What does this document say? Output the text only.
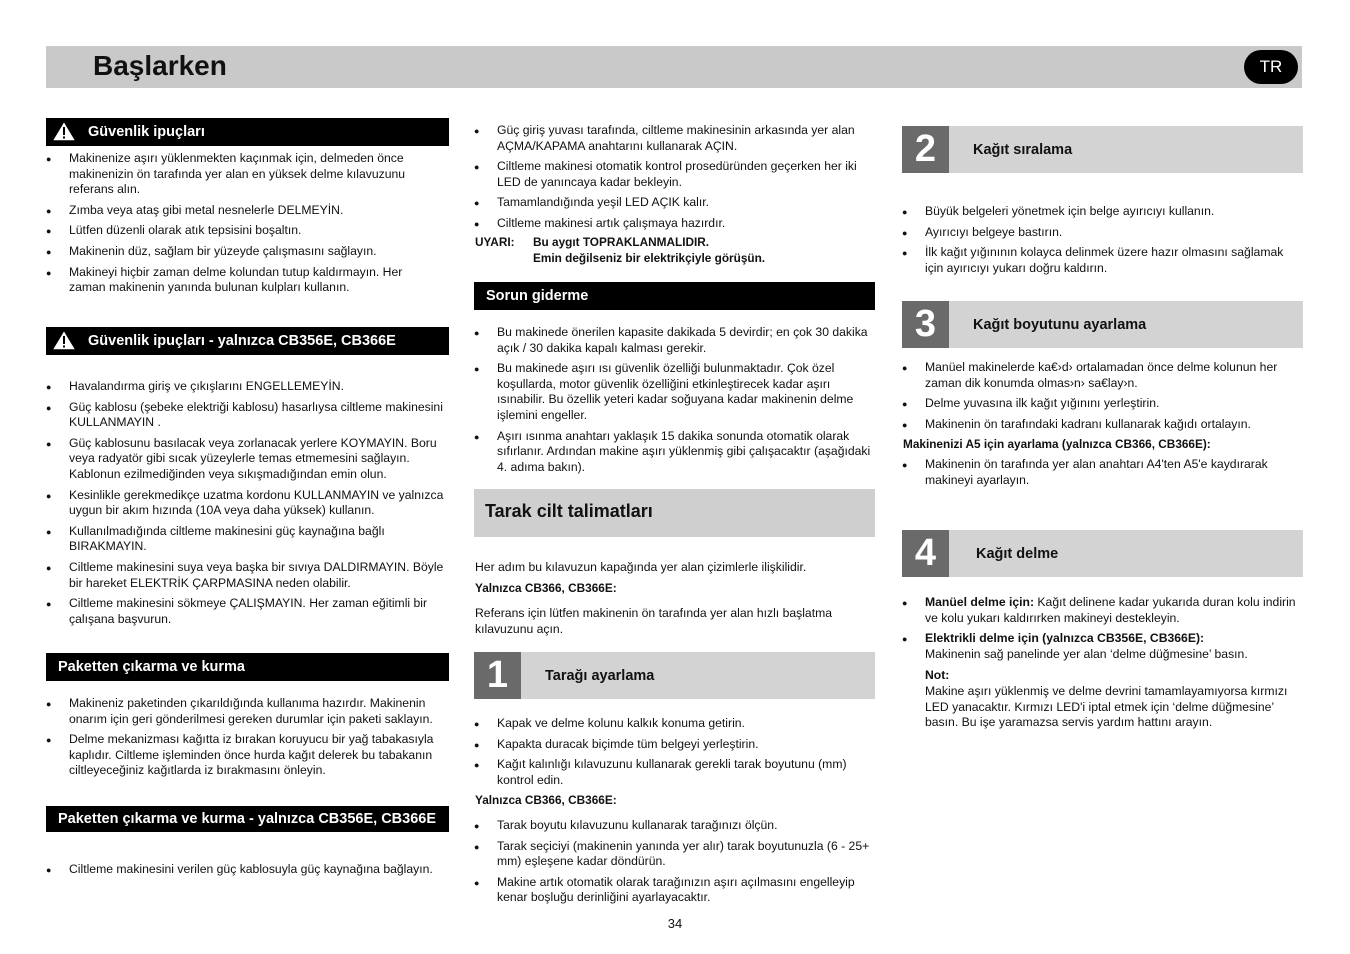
Başlarken	TR
Güvenlik ipuçları
● Makinenize aşırı yüklenmekten kaçınmak için, delmeden önce makinenizin ön tarafında yer alan en yüksek delme kılavuzunu referans alın.
● Zımba veya ataş gibi metal nesnelerle DELMEYİN.
● Lütfen düzenli olarak atık tepsisini boşaltın.
● Makinenin düz, sağlam bir yüzeyde çalışmasını sağlayın.
● Makineyi hiçbir zaman delme kolundan tutup kaldırmayın. Her zaman makinenin yanında bulunan kulpları kullanın.
Güvenlik ipuçları - yalnızca CB356E, CB366E
● Havalandırma giriş ve çıkışlarını ENGELLEMEYİN.
● Güç kablosu (şebeke elektriği kablosu) hasarlıysa ciltleme makinesini KULLANMAYIN .
● Güç kablosunu basılacak veya zorlanacak yerlere KOYMAYIN. Boru veya radyatör gibi sıcak yüzeylerle temas etmemesini sağlayın. Kablonun ezilmediğinden veya sıkışmadığından emin olun.
● Kesinlikle gerekmedikçe uzatma kordonu KULLANMAYIN ve yalnızca uygun bir akım hızında (10A veya daha yüksek) kullanın.
● Kullanılmadığında ciltleme makinesini güç kaynağına bağlı BIRAKMAYIN.
● Ciltleme makinesini suya veya başka bir sıvıya DALDIRMAYIN. Böyle bir hareket ELEKTRİK ÇARPMASINA neden olabilir.
● Ciltleme makinesini sökmeye ÇALIŞMAYIN. Her zaman eğitimli bir çalışana başvurun.
Paketten çıkarma ve kurma
● Makineniz paketinden çıkarıldığında kullanıma hazırdır. Makinenin onarım için geri gönderilmesi gereken durumlar için paketi saklayın.
● Delme mekanizması kağıtta iz bırakan koruyucu bir yağ tabakasıyla kaplıdır. Ciltleme işleminden önce hurda kağıt delerek bu tabakanın ciltleyeceğiniz kağıtlarda iz bırakmasını önleyin.
Paketten çıkarma ve kurma - yalnızca CB356E, CB366E
● Ciltleme makinesini verilen güç kablosuyla güç kaynağına bağlayın.
● Güç giriş yuvası tarafında, ciltleme makinesinin arkasında yer alan AÇMA/KAPAMA anahtarını kullanarak AÇIN.
● Ciltleme makinesi otomatik kontrol prosedüründen geçerken her iki LED de yanıncaya kadar bekleyin.
● Tamamlandığında yeşil LED AÇIK kalır.
● Ciltleme makinesi artık çalışmaya hazırdır.
UYARI: Bu aygıt TOPRAKLANMALIDIR.
Emin değilseniz bir elektrikçiyle görüşün.
Sorun giderme
● Bu makinede önerilen kapasite dakikada 5 devirdir; en çok 30 dakika açık / 30 dakika kapalı kalması gerekir.
● Bu makinede aşırı ısı güvenlik özelliği bulunmaktadır. Çok özel koşullarda, motor güvenlik özelliğini etkinleştirecek kadar aşırı ısınabilir. Bu özellik yeteri kadar soğuyana kadar makinenin delme işlemini engeller.
● Aşırı ısınma anahtarı yaklaşık 15 dakika sonunda otomatik olarak sıfırlanır. Ardından makine aşırı yüklenmiş gibi çalışacaktır (aşağıdaki 4. adıma bakın).
Tarak cilt talimatları

Her adım bu kılavuzun kapağında yer alan çizimlerle ilişkilidir.

Yalnızca CB366, CB366E:

Referans için lütfen makinenin ön tarafında yer alan hızlı başlatma kılavuzunu açın.

1	Tarağı ayarlama
● Kapak ve delme kolunu kalkık konuma getirin.
● Kapakta duracak biçimde tüm belgeyi yerleştirin.
● Kağıt kalınlığı kılavuzunu kullanarak gerekli tarak boyutunu (mm) kontrol edin.

Yalnızca CB366, CB366E:

● Tarak boyutu kılavuzunu kullanarak tarağınızı ölçün.
● Tarak seçiciyi (makinenin yanında yer alır) tarak boyutunuzla (6 - 25+ mm) eşleşene kadar döndürün.
● Makine artık otomatik olarak tarağınızın aşırı açılmasını engelleyip kenar boşluğu derinliğini ayarlayacaktır.
2	Kağıt sıralama
● Büyük belgeleri yönetmek için belge ayırıcıyı kullanın.
● Ayırıcıyı belgeye bastırın.
● İlk kağıt yığınının kolayca delinmek üzere hazır olmasını sağlamak için ayırıcıyı yukarı doğru kaldırın.
3	Kağıt boyutunu ayarlama
● Manüel makinelerde ka€›d› ortalamadan önce delme kolunun her zaman dik konumda olmas›n› sa€lay›n.
● Delme yuvasına ilk kağıt yığınını yerleştirin.
● Makinenin ön tarafındaki kadranı kullanarak kağıdı ortalayın.

Makinenizi A5 için ayarlama (yalnızca CB366, CB366E):

● Makinenin ön tarafında yer alan anahtarı A4'ten A5'e kaydırarak makineyi ayarlayın.
4	Kağıt delme
● Manüel delme için: Kağıt delinene kadar yukarıda duran kolu indirin ve kolu yukarı kaldırırken makineyi destekleyin.
● Elektrikli delme için (yalnızca CB356E, CB366E):
Makinenin sağ panelinde yer alan ‘delme düğmesine’ basın.
Not:
Makine aşırı yüklenmiş ve delme devrini tamamlayamıyorsa kırmızı LED yanacaktır. Kırmızı LED'i iptal etmek için ‘delme düğmesine’ basın. Bu işe yaramazsa servis yardım hattını arayın.
34
